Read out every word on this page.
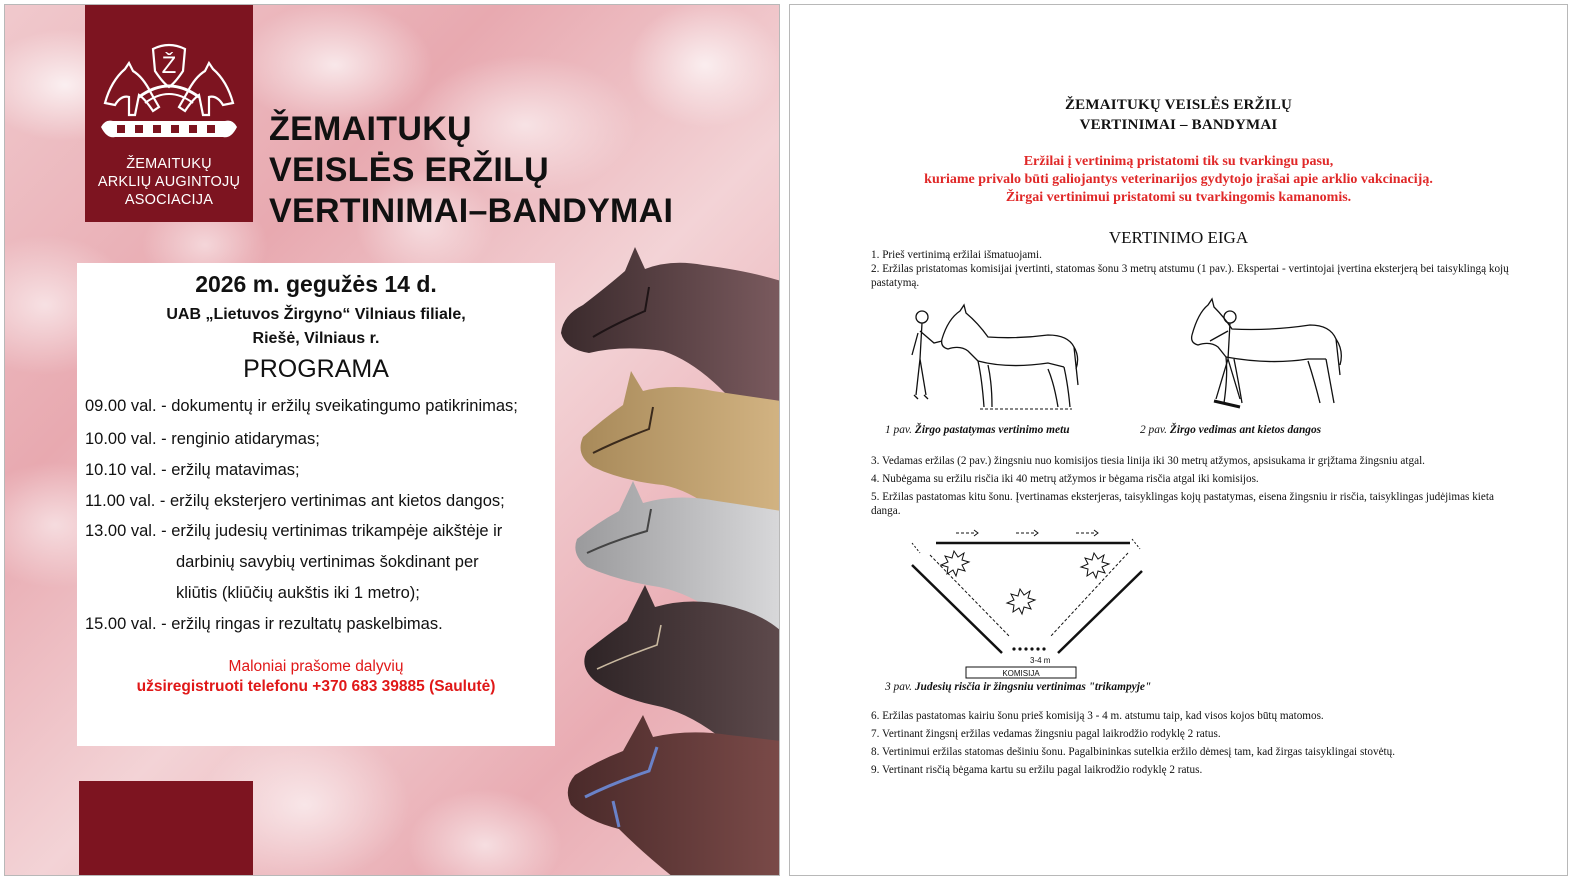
Ž
ŽEMAITUKŲ
ARKLIŲ AUGINTOJŲ
ASOCIACIJA
ŽEMAITUKŲ
VEISLĖS ERŽILŲ
VERTINIMAI–BANDYMAI
2026 m. gegužės 14 d.
UAB „Lietuvos Žirgyno“ Vilniaus filiale,
Riešė, Vilniaus r.
PROGRAMA
09.00 val. - dokumentų ir eržilų sveikatingumo patikrinimas;
10.00 val. - renginio atidarymas;
10.10 val. - eržilų matavimas;
11.00 val. - eržilų eksterjero vertinimas ant kietos dangos;
13.00 val. - eržilų judesių vertinimas trikampėje aikštėje ir
darbinių savybių vertinimas šokdinant per
kliūtis (kliūčių aukštis iki 1 metro);
15.00 val. - eržilų ringas ir rezultatų paskelbimas.
Maloniai prašome dalyvių
užsiregistruoti telefonu +370 683 39885 (Saulutė)
ŽEMAITUKŲ VEISLĖS ERŽILŲ
VERTINIMAI – BANDYMAI
Eržilai į vertinimą pristatomi tik su tvarkingu pasu,
kuriame privalo būti galiojantys veterinarijos gydytojo įrašai apie arklio vakcinaciją.
Žirgai vertinimui pristatomi su tvarkingomis kamanomis.
VERTINIMO EIGA
1. Prieš vertinimą eržilai išmatuojami.
2. Eržilas pristatomas komisijai įvertinti, statomas šonu 3 metrų atstumu (1 pav.). Ekspertai - vertintojai įvertina eksterjerą bei taisyklingą kojų pastatymą.
1 pav. Žirgo pastatymas vertinimo metu	2 pav. Žirgo vedimas ant kietos dangos
3. Vedamas eržilas (2 pav.) žingsniu nuo komisijos tiesia linija iki 30 metrų atžymos, apsisukama ir grįžtama žingsniu atgal.
4. Nubėgama su eržilu risčia iki 40 metrų atžymos ir bėgama risčia atgal iki komisijos.
5. Eržilas pastatomas kitu šonu. Įvertinamas eksterjeras, taisyklingas kojų pastatymas, eisena žingsniu ir risčia, taisyklingas judėjimas kieta danga.
3-4 m
KOMISIJA
3 pav. Judesių risčia ir žingsniu vertinimas "trikampyje"
6. Eržilas pastatomas kairiu šonu prieš komisiją 3 - 4 m. atstumu taip, kad visos kojos būtų matomos.
7. Vertinant žingsnį eržilas vedamas žingsniu pagal laikrodžio rodyklę 2 ratus.
8. Vertinimui eržilas statomas dešiniu šonu. Pagalbininkas sutelkia eržilo dėmesį tam, kad žirgas taisyklingai stovėtų.
9. Vertinant risčią bėgama kartu su eržilu pagal laikrodžio rodyklę 2 ratus.
